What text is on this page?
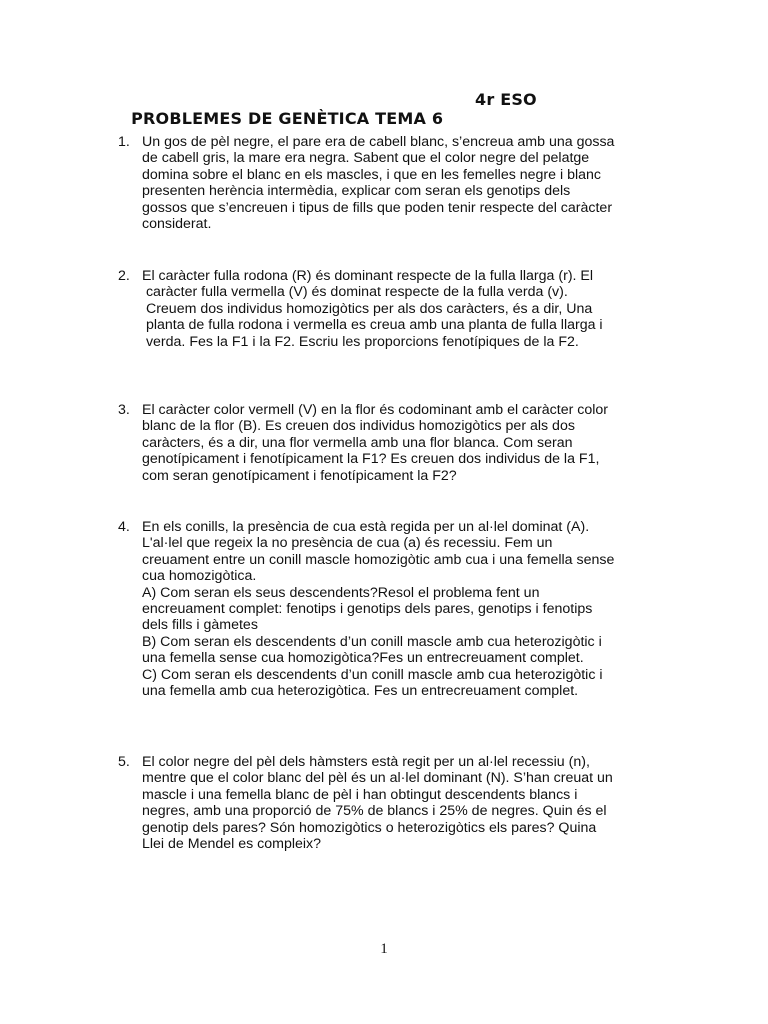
PROBLEMES DE GENÈTICA TEMA 6

4r ESO

1. Un gos de pèl negre, el pare era de cabell blanc, s’encreua amb una gossa
de cabell gris, la mare era negra. Sabent que el color negre del pelatge
domina sobre el blanc en els mascles, i que en les femelles negre i blanc
presenten herència intermèdia, explicar com seran els genotips dels
gossos que s’encreuen i tipus de fills que poden tenir respecte del caràcter
considerat.
2. El caràcter fulla rodona (R) és dominant respecte de la fulla llarga (r). El
caràcter fulla vermella (V) és dominat respecte de la fulla verda (v).
Creuem dos individus homozigòtics per als dos caràcters, és a dir, Una
planta de fulla rodona i vermella es creua amb una planta de fulla llarga i
verda. Fes la F1 i la F2. Escriu les proporcions fenotípiques de la F2.
3. El caràcter color vermell (V) en la flor és codominant amb el caràcter color
blanc de la flor (B). Es creuen dos individus homozigòtics per als dos
caràcters, és a dir, una flor vermella amb una flor blanca. Com seran
genotípicament i fenotípicament la F1? Es creuen dos individus de la F1,
com seran genotípicament i fenotípicament la F2?
4. En els conills, la presència de cua està regida per un al·lel dominat (A).
L'al·lel que regeix la no presència de cua (a) és recessiu. Fem un
creuament entre un conill mascle homozigòtic amb cua i una femella sense
cua homozigòtica.
A) Com seran els seus descendents?Resol el problema fent un
encreuament complet: fenotips i genotips dels pares, genotips i fenotips
dels fills i gàmetes
B) Com seran els descendents d’un conill mascle amb cua heterozigòtic i
una femella sense cua homozigòtica?Fes un entrecreuament complet.
C) Com seran els descendents d’un conill mascle amb cua heterozigòtic i
una femella amb cua heterozigòtica. Fes un entrecreuament complet.
5. El color negre del pèl dels hàmsters està regit per un al·lel recessiu (n),
mentre que el color blanc del pèl és un al·lel dominant (N). S’han creuat un
mascle i una femella blanc de pèl i han obtingut descendents blancs i
negres, amb una proporció de 75% de blancs i 25% de negres. Quin és el
genotip dels pares? Són homozigòtics o heterozigòtics els pares? Quina
Llei de Mendel es compleix?
1
